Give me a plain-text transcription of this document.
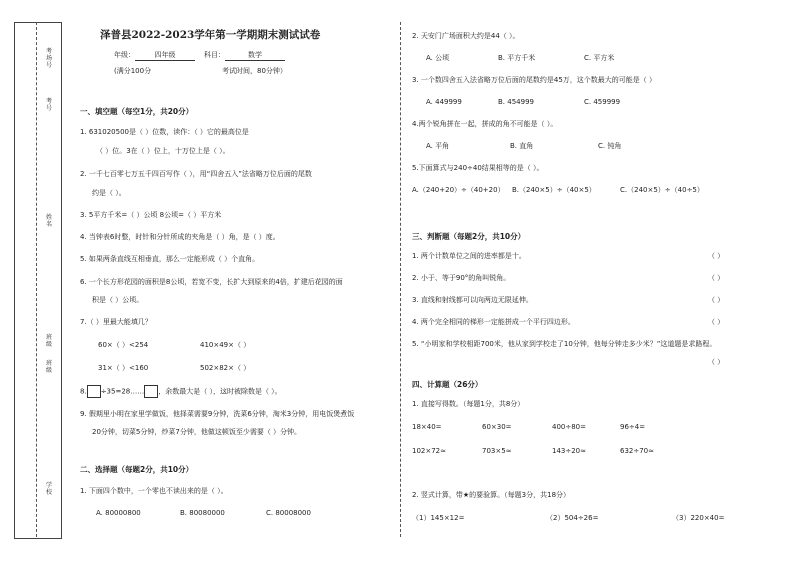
考场号
考号
姓名
班级
班级
学校
泽普县2022-2023学年第一学期期末测试试卷
年级：	四年级	科目：	数学
(满分100分	考试时间，80分钟）
一、填空题（每空1分，共20分）
1. 631020500是（ ）位数，读作：（ ）它的最高位是
（ ）位。3在（ ）位上，十万位上是（ ）。
2. 一千七百零七万五千四百写作（ ），用“四舍五入”法省略万位后面的尾数
约是（ ）。
3. 5平方千米=（ ）公顷 8公顷=（ ）平方米
4. 当钟表6时整，时针和分针所成的夹角是（ ）角，是（ ）度。
5. 如果两条直线互相垂直，那么一定能形成（ ）个直角。
6. 一个长方形花园的面积是8公顷，若宽不变，长扩大到原来的4倍，扩建后花园的面
积是（ ）公顷。
7.（ ）里最大能填几？
60×（ ）<254	410×49×（ ）
31×（ ）<160	502×82×（ ）
8. ÷35=28…… ，余数最大是（ ），这时被除数是（ ）。
9. 假期里小明在家里学做饭，他择菜需要9分钟，洗菜6分钟，淘米3分钟，用电饭煲煮饭
20分钟，切菜5分钟，炒菜7分钟，他做这顿饭至少需要（ ）分钟。
二、选择题（每题2分，共10分）
1. 下面四个数中，一个零也不读出来的是（ ）。
A. 80000800	B. 80080000	C. 80008000
2. 天安门广场面积大约是44（ ）。
A. 公顷	B. 平方千米	C. 平方米
3. 一个数四舍五入法省略万位后面的尾数约是45万，这个数最大的可能是（ ）
A. 449999	B. 454999	C. 459999
4.两个锐角拼在一起，拼成的角不可能是（ ）。
A. 平角	B. 直角	C. 钝角
5.下面算式与240÷40结果相等的是（ ）。
A.（240+20）÷（40+20） B.（240×5）÷（40×5）	C.（240×5）÷（40÷5）
三、判断题（每题2分，共10分）
1. 两个计数单位之间的进率都是十。	（ ）
2. 小于、等于90°的角叫锐角。	（ ）
3. 直线和射线都可以向两边无限延伸。	（ ）
4. 两个完全相同的梯形一定能拼成一个平行四边形。	（ ）
5. “小明家和学校相距700米，他从家到学校走了10分钟，他每分钟走多少米？”这道题是求路程。
（ ）
四、计算题（26分）
1. 直接写得数。（每题1分，共8分）
18×40=	60×30=	400÷80=	96÷4=
102×72≈	703×5≈	143÷20≈	632÷70≈
2. 竖式计算，带★的要验算。（每题3分，共18分）
（1）145×12=	（2）504÷26=	（3）220×40=
